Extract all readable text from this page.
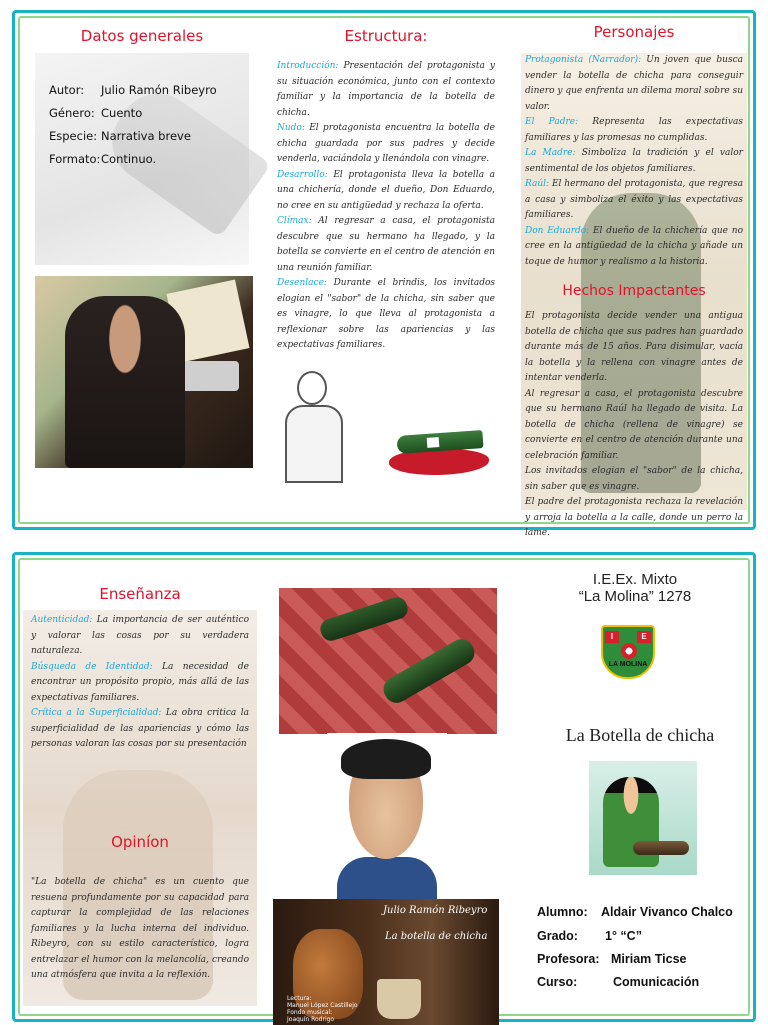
Datos generales
Autor: Julio Ramón Ribeyro
Género: Cuento
Especie: Narrativa breve
Formato:Continuo.
Estructura:
Introducción: Presentación del protagonista y su situación económica, junto con el contexto familiar y la importancia de la botella de chicha.
Nudo: El protagonista encuentra la botella de chicha guardada por sus padres y decide venderla, vaciándola y llenándola con vinagre.
Desarrollo: El protagonista lleva la botella a una chichería, donde el dueño, Don Eduardo, no cree en su antigüedad y rechaza la oferta.
Clímax: Al regresar a casa, el protagonista descubre que su hermano ha llegado, y la botella se convierte en el centro de atención en una reunión familiar.
Desenlace: Durante el brindis, los invitados elogian el "sabor" de la chicha, sin saber que es vinagre, lo que lleva al protagonista a reflexionar sobre las apariencias y las expectativas familiares.
Personajes
Protagonista (Narrador): Un joven que busca vender la botella de chicha para conseguir dinero y que enfrenta un dilema moral sobre su valor.
El Padre: Representa las expectativas familiares y las promesas no cumplidas.
La Madre: Simboliza la tradición y el valor sentimental de los objetos familiares.
Raúl: El hermano del protagonista, que regresa a casa y simboliza el éxito y las expectativas familiares.
Don Eduardo: El dueño de la chichería que no cree en la antigüedad de la chicha y añade un toque de humor y realismo a la historia.
Hechos Impactantes
El protagonista decide vender una antigua botella de chicha que sus padres han guardado durante más de 15 años. Para disimular, vacía la botella y la rellena con vinagre antes de intentar venderla.
Al regresar a casa, el protagonista descubre que su hermano Raúl ha llegado de visita. La botella de chicha (rellena de vinagre) se convierte en el centro de atención durante una celebración familiar.
Los invitados elogian el "sabor" de la chicha, sin saber que es vinagre.
El padre del protagonista rechaza la revelación y arroja la botella a la calle, donde un perro la lame.
Enseñanza
Autenticidad: La importancia de ser auténtico y valorar las cosas por su verdadera naturaleza.
Búsqueda de Identidad: La necesidad de encontrar un propósito propio, más allá de las expectativas familiares.
Crítica a la Superficialidad: La obra critica la superficialidad de las apariencias y cómo las personas valoran las cosas por su presentación
Opiníon
"La botella de chicha" es un cuento que resuena profundamente por su capacidad para capturar la complejidad de las relaciones familiares y la lucha interna del individuo. Ribeyro, con su estilo característico, logra entrelazar el humor con la melancolía, creando una atmósfera que invita a la reflexión.
Julio Ramón Ribeyro
La botella de chicha
Lectura:
Manuel López Castillejo
Fondo musical:
Joaquín Rodrigo
I.E.Ex. Mixto
“La Molina” 1278
I	E
LA MOLINA
La Botella de chicha
Alumno: Aldair Vivanco Chalco
Grado: 1° “C”
Profesora: Miriam Ticse
Curso:	Comunicación
